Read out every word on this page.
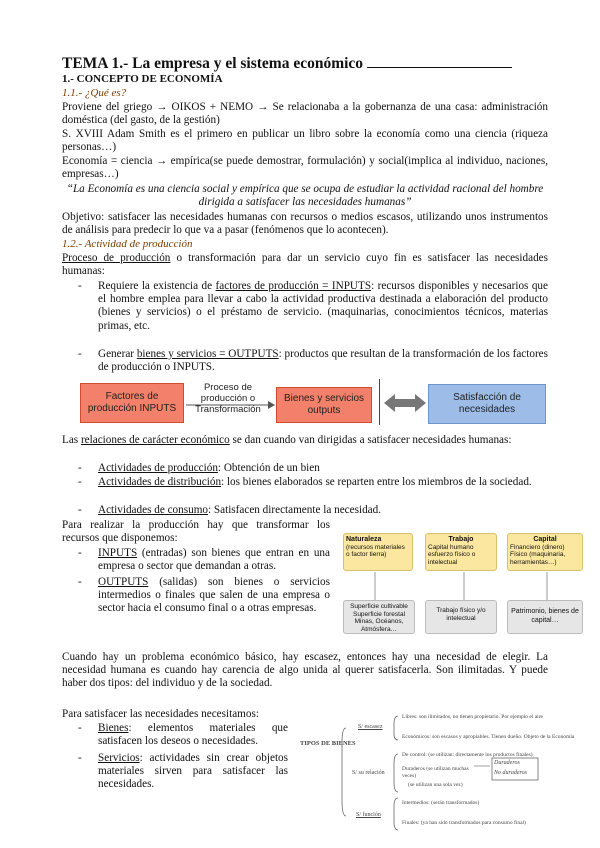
TEMA 1.- La empresa y el sistema económico
1.- CONCEPTO DE ECONOMÍA
1.1.- ¿Qué es?
Proviene del griego → OIKOS + NEMO → Se relacionaba a la gobernanza de una casa: administración doméstica (del gasto, de la gestión)
S. XVIII Adam Smith es el primero en publicar un libro sobre la economía como una ciencia (riqueza personas…)
Economía = ciencia → empírica(se puede demostrar, formulación) y social(implica al individuo, naciones, empresas…)
“La Economía es una ciencia social y empírica que se ocupa de estudiar la actividad racional del hombre dirigida a satisfacer las necesidades humanas”
Objetivo: satisfacer las necesidades humanas con recursos o medios escasos, utilizando unos instrumentos de análisis para predecir lo que va a pasar (fenómenos que lo acontecen).
1.2.- Actividad de producción
Proceso de producción o transformación para dar un servicio cuyo fin es satisfacer las necesidades humanas:
- Requiere la existencia de factores de producción = INPUTS: recursos disponibles y necesarios que el hombre emplea para llevar a cabo la actividad productiva destinada a elaboración del producto (bienes y servicios) o el préstamo de servicio. (maquinarias, conocimientos técnicos, materias primas, etc.
- Generar bienes y servicios = OUTPUTS: productos que resultan de la transformación de los factores de producción o INPUTS.
Factores de producción INPUTS
Proceso de producción o Transformación
Bienes y servicios outputs
Satisfacción de necesidades
Las relaciones de carácter económico se dan cuando van dirigidas a satisfacer necesidades humanas:
- Actividades de producción: Obtención de un bien
- Actividades de distribución: los bienes elaborados se reparten entre los miembros de la sociedad.
- Actividades de consumo: Satisfacen directamente la necesidad.
Para realizar la producción hay que transformar los recursos que disponemos:
- INPUTS (entradas) son bienes que entran en una empresa o sector que demandan a otras.
- OUTPUTS (salidas) son bienes o servicios intermedios o finales que salen de una empresa o sector hacia el consumo final o a otras empresas.
Naturaleza
(recursos materiales o factor tierra)
Trabajo
Capital humano esfuerzo físico o intelectual
Capital
Financiero (dinero) Físico (maquinaria, herramientas…)
Superficie cultivable Superficie forestal Minas, Océanos, Atmósfera…
Trabajo físico y/o intelectual
Patrimonio, bienes de capital…
Cuando hay un problema económico básico, hay escasez, entonces hay una necesidad de elegir. La necesidad humana es cuando hay carencia de algo unida al querer satisfacerla. Son ilimitadas. Y puede haber dos tipos: del individuo y de la sociedad.
Para satisfacer las necesidades necesitamos:
- Bienes: elementos materiales que satisfacen los deseos o necesidades.
- Servicios: actividades sin crear objetos materiales sirven para satisfacer las necesidades.
TIPOS DE BIENES
S/ escasez
Libres: son ilimitados, no tienen propietario. Por ejemplo el aire
Económicos: son escasos y apropiables. Tienen dueño. Objeto de la Economía
S/ su relación
De control: (se utilizan: directamente los productos finales)
Duraderos (se utilizan muchas veces)
(se utilizan una sola vez)
Duraderos
No duraderos
S/ función
Intermedios: (serán transformados)
Finales: (ya han sido transformados para consumo final)
